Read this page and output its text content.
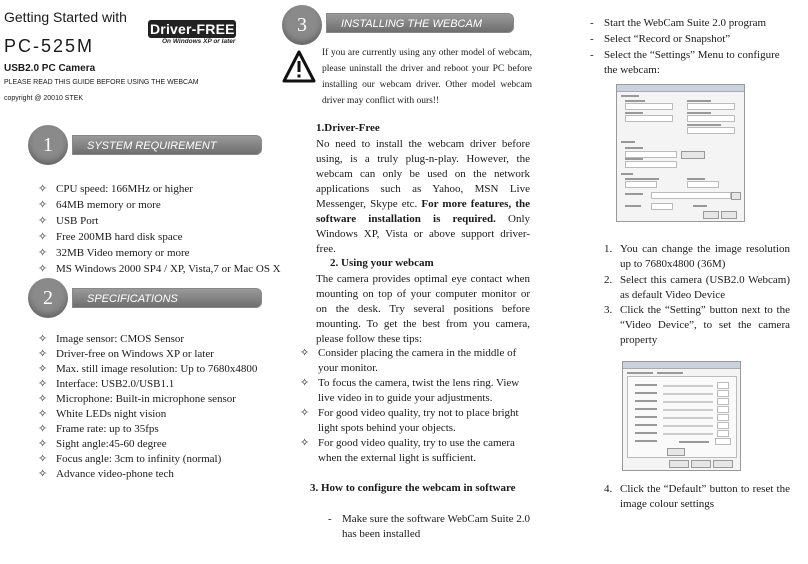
Getting Started with
Driver-FREE
On Windows XP or later
PC-525M
USB2.0 PC Camera
PLEASE READ THIS GUIDE BEFORE USING THE WEBCAM
copyright @ 20010 STEK
SYSTEM REQUIREMENT
1
✧ CPU speed: 166MHz or higher
✧ 64MB memory or more
✧ USB Port
✧ Free 200MB hard disk space
✧ 32MB Video memory or more
✧ MS Windows 2000 SP4 / XP, Vista,7 or Mac OS X
SPECIFICATIONS
2
✧ Image sensor: CMOS Sensor
✧ Driver-free on Windows XP or later
✧ Max. still image resolution: Up to 7680x4800
✧ Interface: USB2.0/USB1.1
✧ Microphone: Built-in microphone sensor
✧ White LEDs night vision
✧ Frame rate: up to 35fps
✧ Sight angle:45-60 degree
✧ Focus angle: 3cm to infinity (normal)
✧ Advance video-phone tech
INSTALLING THE WEBCAM
3
If you are currently using any other model of webcam, please uninstall the driver and reboot your PC before installing our webcam driver. Other model webcam driver may conflict with ours!!
1.Driver-Free
No need to install the webcam driver before using, is a truly plug-n-play. However, the webcam can only be used on the network applications such as Yahoo, MSN Live Messenger, Skype etc. For more features, the software installation is required. Only Windows XP, Vista or above support driver-free.
2. Using your webcam
The camera provides optimal eye contact when mounting on top of your computer monitor or on the desk. Try several positions before mounting. To get the best from you camera, please follow these tips:
✧ Consider placing the camera in the middle of your monitor.
✧ To focus the camera, twist the lens ring. View live video in to guide your adjustments.
✧ For good video quality, try not to place bright light spots behind your objects.
✧ For good video quality, try to use the camera when the external light is sufficient.
3. How to configure the webcam in software
- Make sure the software WebCam Suite 2.0 has been installed
- Start the WebCam Suite 2.0 program
- Select “Record or Snapshot”
- Select the “Settings” Menu to configure the webcam:
1. You can change the image resolution up to 7680x4800 (36M)
2. Select this camera (USB2.0 Webcam) as default Video Device
3. Click the “Setting” button next to the “Video Device”, to set the camera property
4. Click the “Default” button to reset the image colour settings
